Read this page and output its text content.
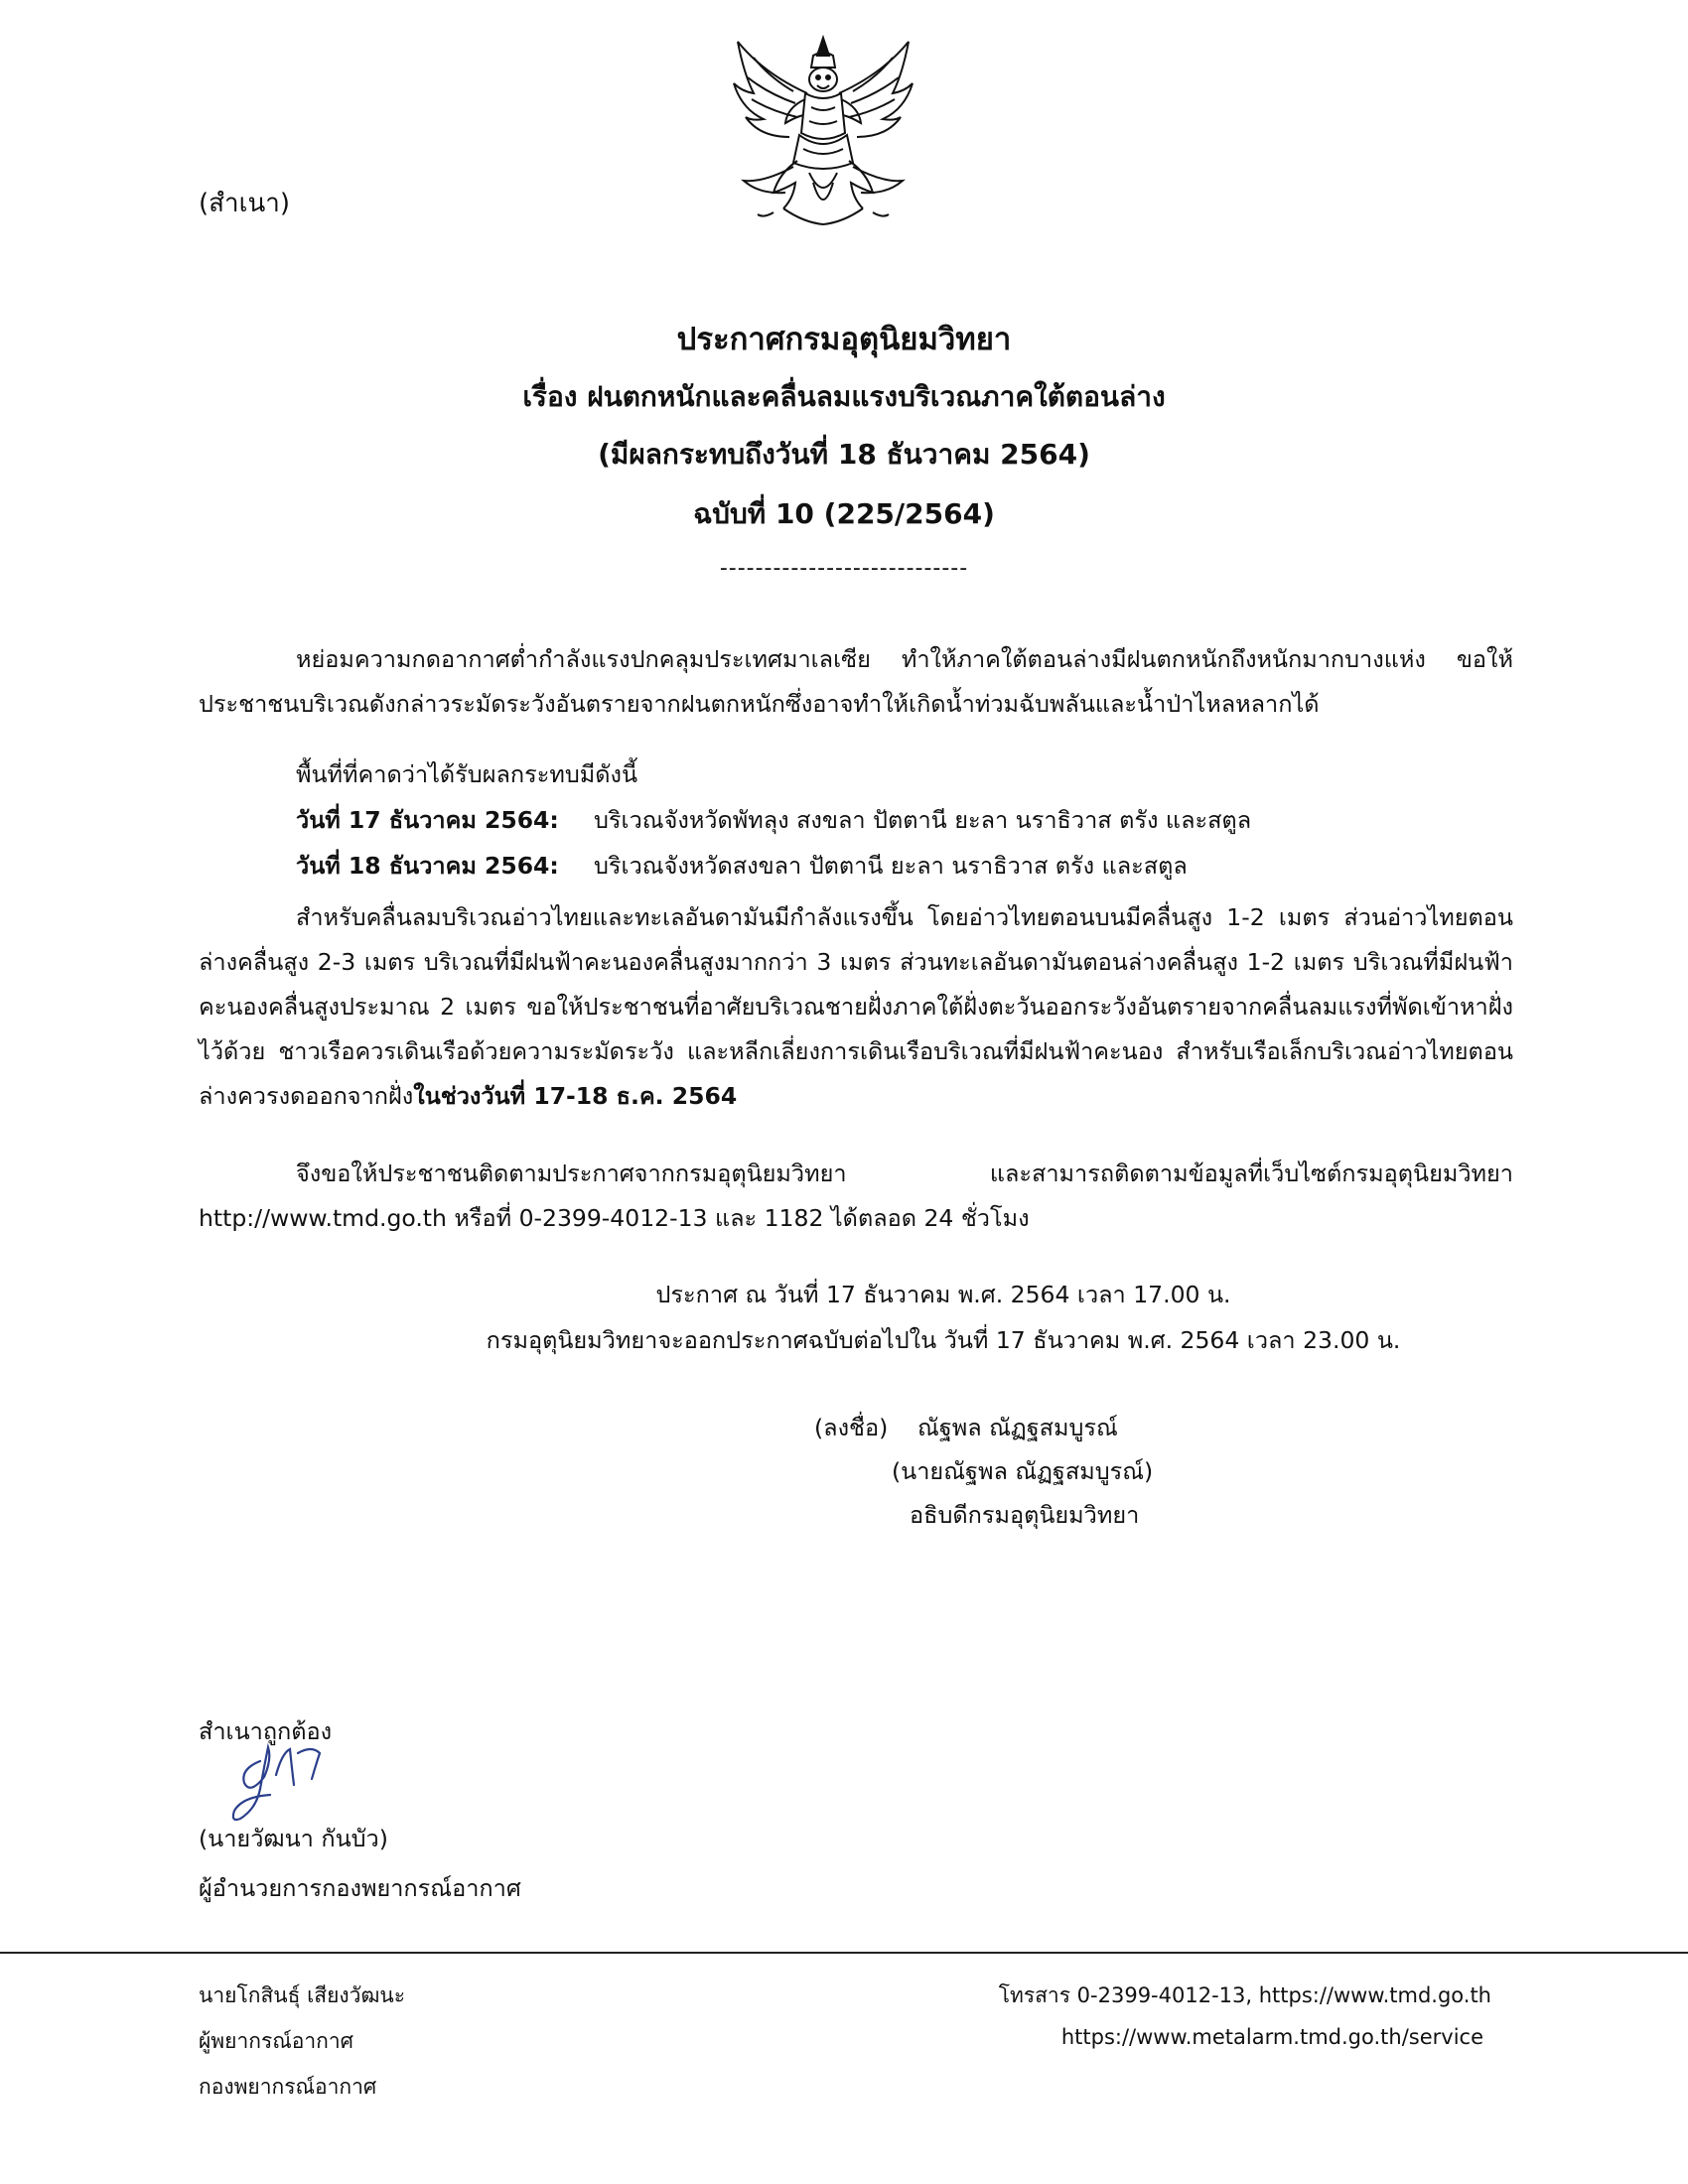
(สำเนา)
ประกาศกรมอุตุนิยมวิทยา
เรื่อง ฝนตกหนักและคลื่นลมแรงบริเวณภาคใต้ตอนล่าง
(มีผลกระทบถึงวันที่ 18 ธันวาคม 2564)
ฉบับที่ 10 (225/2564)
----------------------------
หย่อมความกดอากาศต่ำกำลังแรงปกคลุมประเทศมาเลเซีย ทำให้ภาคใต้ตอนล่างมีฝนตกหนักถึงหนักมากบางแห่ง ขอให้ประชาชนบริเวณดังกล่าวระมัดระวังอันตรายจากฝนตกหนักซึ่งอาจทำให้เกิดน้ำท่วมฉับพลันและน้ำป่าไหลหลากได้
พื้นที่ที่คาดว่าได้รับผลกระทบมีดังนี้
วันที่ 17 ธันวาคม 2564: บริเวณจังหวัดพัทลุง สงขลา ปัตตานี ยะลา นราธิวาส ตรัง และสตูล
วันที่ 18 ธันวาคม 2564: บริเวณจังหวัดสงขลา ปัตตานี ยะลา นราธิวาส ตรัง และสตูล
สำหรับคลื่นลมบริเวณอ่าวไทยและทะเลอันดามันมีกำลังแรงขึ้น โดยอ่าวไทยตอนบนมีคลื่นสูง 1-2 เมตร ส่วนอ่าวไทยตอนล่างคลื่นสูง 2-3 เมตร บริเวณที่มีฝนฟ้าคะนองคลื่นสูงมากกว่า 3 เมตร ส่วนทะเลอันดามันตอนล่างคลื่นสูง 1-2 เมตร บริเวณที่มีฝนฟ้าคะนองคลื่นสูงประมาณ 2 เมตร ขอให้ประชาชนที่อาศัยบริเวณชายฝั่งภาคใต้ฝั่งตะวันออกระวังอันตรายจากคลื่นลมแรงที่พัดเข้าหาฝั่งไว้ด้วย ชาวเรือควรเดินเรือด้วยความระมัดระวัง และหลีกเลี่ยงการเดินเรือบริเวณที่มีฝนฟ้าคะนอง สำหรับเรือเล็กบริเวณอ่าวไทยตอนล่างควรงดออกจากฝั่งในช่วงวันที่ 17-18 ธ.ค. 2564
จึงขอให้ประชาชนติดตามประกาศจากกรมอุตุนิยมวิทยา และสามารถติดตามข้อมูลที่เว็บไซต์กรมอุตุนิยมวิทยา http://www.tmd.go.th หรือที่ 0-2399-4012-13 และ 1182 ได้ตลอด 24 ชั่วโมง
ประกาศ ณ วันที่ 17 ธันวาคม พ.ศ. 2564 เวลา 17.00 น.
กรมอุตุนิยมวิทยาจะออกประกาศฉบับต่อไปใน วันที่ 17 ธันวาคม พ.ศ. 2564 เวลา 23.00 น.
(ลงชื่อ) ณัฐพล ณัฏฐสมบูรณ์
(นายณัฐพล ณัฏฐสมบูรณ์)
อธิบดีกรมอุตุนิยมวิทยา
สำเนาถูกต้อง
(นายวัฒนา กันบัว)
ผู้อำนวยการกองพยากรณ์อากาศ
นายโกสินธุ์ เสียงวัฒนะ
ผู้พยากรณ์อากาศ
กองพยากรณ์อากาศ
โทรสาร 0-2399-4012-13, https://www.tmd.go.th
https://www.metalarm.tmd.go.th/service
